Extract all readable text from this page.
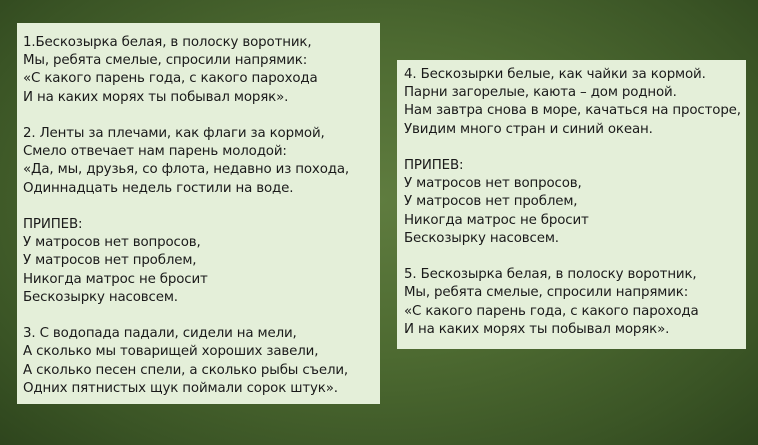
1.Бескозырка белая, в полоску воротник,
Мы, ребята смелые, спросили напрямик:
«С какого парень года, с какого парохода
И на каких морях ты побывал моряк».
2. Ленты за плечами, как флаги за кормой,
Смело отвечает нам парень молодой:
«Да, мы, друзья, со флота, недавно из похода,
Одиннадцать недель гостили на воде.
ПРИПЕВ:
У матросов нет вопросов,
У матросов нет проблем,
Никогда матрос не бросит
Бескозырку насовсем.
3. С водопада падали, сидели на мели,
А сколько мы товарищей хороших завели,
А сколько песен спели, а сколько рыбы съели,
Одних пятнистых щук поймали сорок штук».
4. Бескозырки белые, как чайки за кормой.
Парни загорелые, каюта – дом родной.
Нам завтра снова в море, качаться на просторе,
Увидим много стран и синий океан.
ПРИПЕВ:
У матросов нет вопросов,
У матросов нет проблем,
Никогда матрос не бросит
Бескозырку насовсем.
5. Бескозырка белая, в полоску воротник,
Мы, ребята смелые, спросили напрямик:
«С какого парень года, с какого парохода
И на каких морях ты побывал моряк».
